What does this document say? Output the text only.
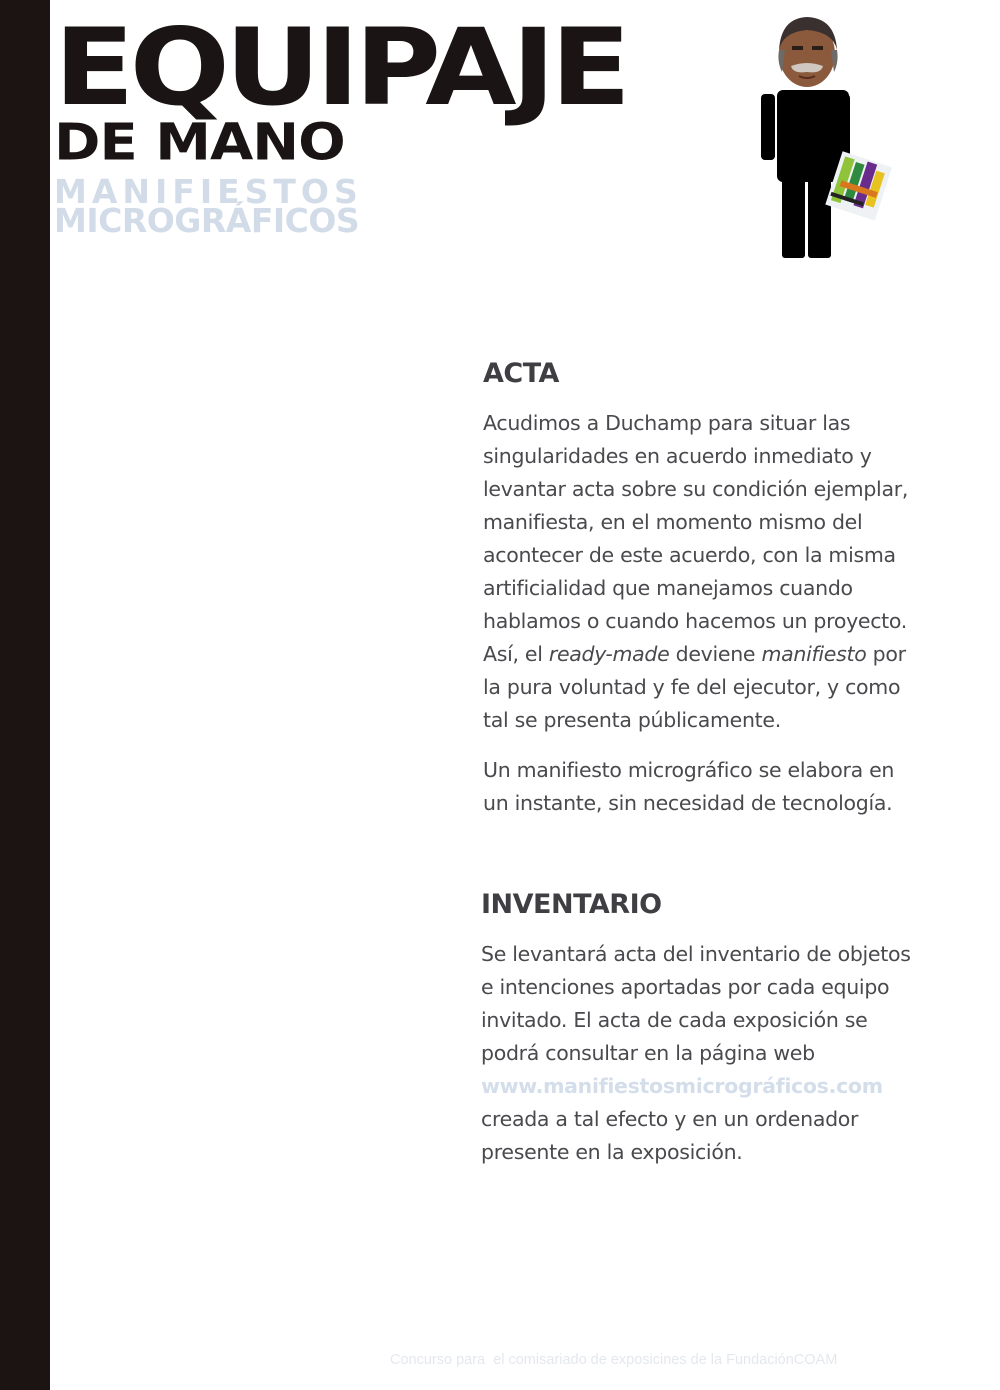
EQUIPAJE
DE MANO
MANIFIESTOS
MICROGRÁFICOS
ACTA

Acudimos a Duchamp para situar las singularidades en acuerdo inmediato y levantar acta sobre su condición ejemplar, manifiesta, en el momento mismo del acontecer de este acuerdo, con la misma artificialidad que manejamos cuando hablamos o cuando hacemos un proyecto. Así, el ready-made deviene manifiesto por la pura voluntad y fe del ejecutor, y como tal se presenta públicamente.

Un manifiesto micrográfico se elabora en un instante, sin necesidad de tecnología.

INVENTARIO

Se levantará acta del inventario de objetos e intenciones aportadas por cada equipo invitado. El acta de cada exposición se podrá consultar en la página web www.manifiestosmicrográficos.com creada a tal efecto y en un ordenador presente en la exposición.

Concurso para  el comisariado de exposicines de la FundaciónCOAM
